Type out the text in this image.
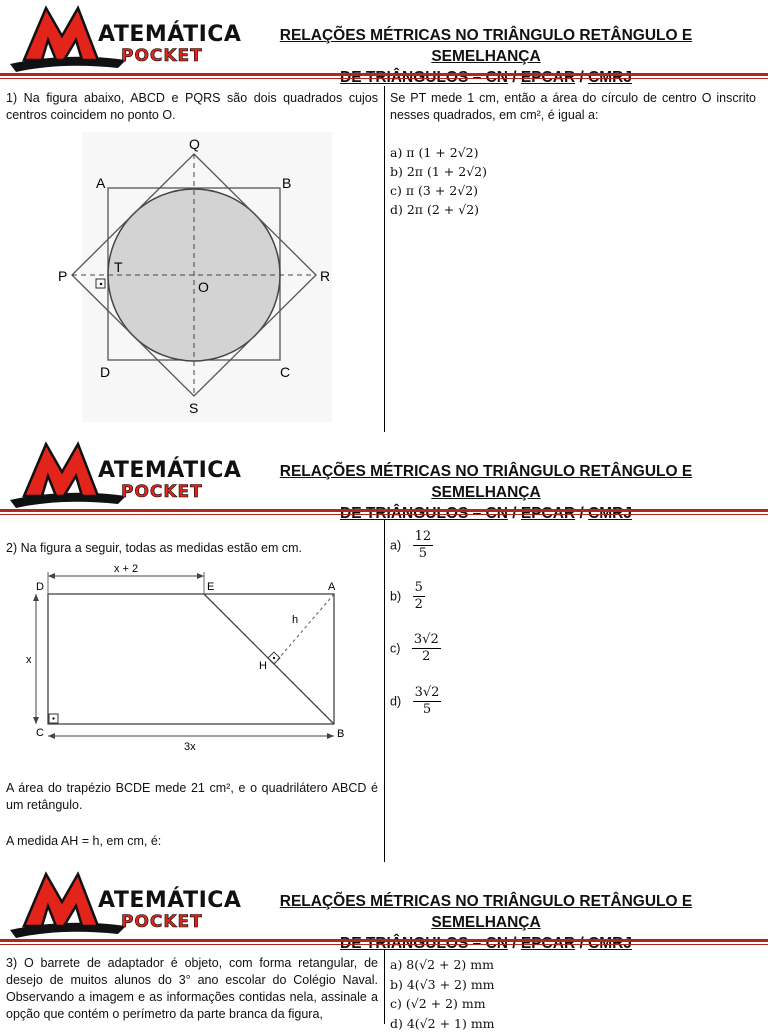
ATEMÁTICA
POCKET
RELAÇÕES MÉTRICAS NO TRIÂNGULO RETÂNGULO E SEMELHANÇA

1) Na figura abaixo, ABCD e PQRS são dois quadrados cujos centros coincidem no ponto O.
Se PT mede 1 cm, então a área do círculo de centro O inscrito nesses quadrados, em cm², é igual a:
Q
A	B
P	R
T
O
D	C
S
a) π (1 + 2√2)
b) 2π (1 + 2√2)
c) π (3 + 2√2)
d) 2π (2 + √2)
ATEMÁTICA
POCKET
RELAÇÕES MÉTRICAS NO TRIÂNGULO RETÂNGULO E SEMELHANÇA

2) Na figura a seguir, todas as medidas estão em cm.
x + 2
D	E	A
h
H
x
C	B
3x
A área do trapézio BCDE mede 21 cm², e o quadrilátero ABCD é um retângulo.
A medida AH = h, em cm, é:
$a) \frac{12}{5}$
$b) \frac{5}{2}$
$c) \frac{3√2}{2}$
$d) \frac{3√2}{5}$
ATEMÁTICA
POCKET
RELAÇÕES MÉTRICAS NO TRIÂNGULO RETÂNGULO E SEMELHANÇA

3) O barrete de adaptador é objeto, com forma retangular, de desejo de muitos alunos do 3° ano escolar do Colégio Naval. Observando a imagem e as informações contidas nela, assinale a opção que contém o perímetro da parte branca da figura,
a) 8(√2 + 2) mm
b) 4(√3 + 2) mm
c) (√2 + 2) mm
d) 4(√2 + 1) mm
